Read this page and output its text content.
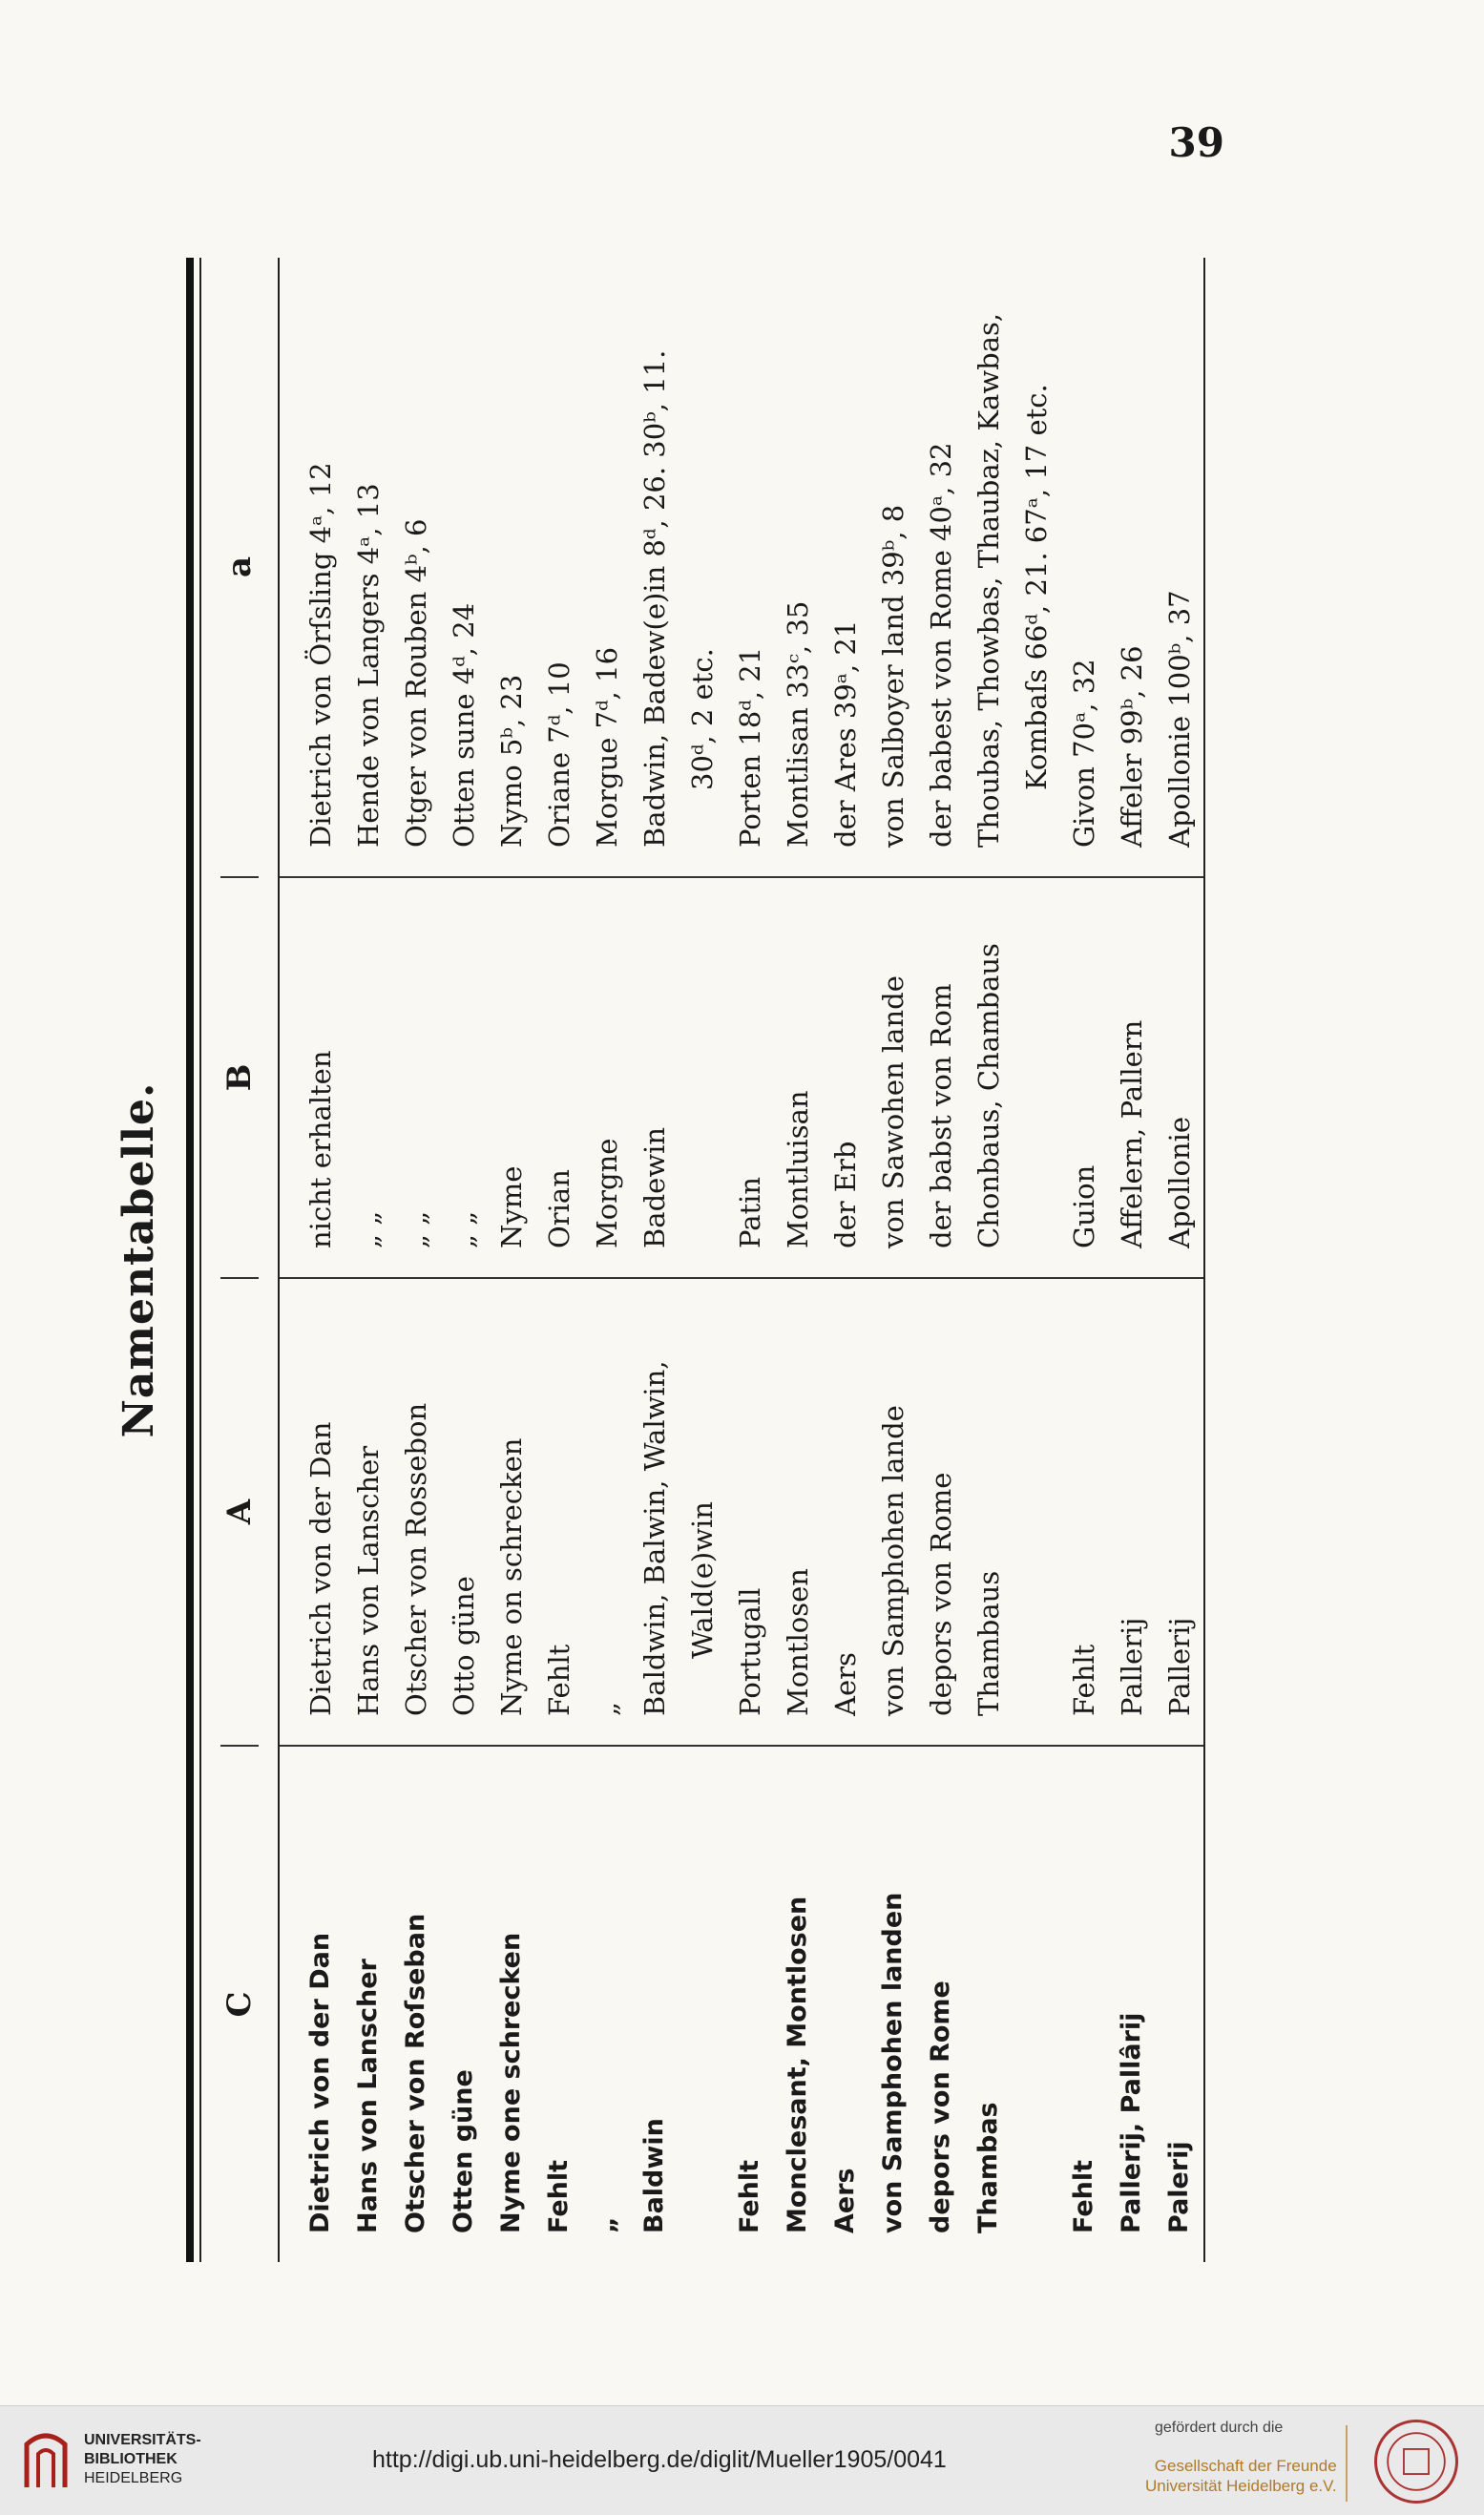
39
Namentabelle.
C
A
B
a
Dietrich von der Dan Hans von Lanscher Otscher von Roſseban Otten güne Nyme one schrecken Fehlt „ Baldwin
	Fehlt Monclesant, Montlosen Aers von Samphohen landen depors von Rome Thambas
	Fehlt Pallerij, Pallârij Palerij
Dietrich von der Dan Hans von Lanscher Otscher von Rossebon Otto güne Nyme on schrecken Fehlt „ Baldwin, Balwin, Walwin, Wald(e)win Portugall Montlosen Aers von Samphohen lande depors von Rome Thambaus
Fehlt Pallerij Pallerij
nicht erhalten „ „ „ „ „ „ Nyme Orian Morgne Badewin
Patin Montluisan der Erb von Sawohen lande der babst von Rom Chonbaus, Chambaus
Guion Affelern, Pallern Apollonie
Dietrich von Örſsling 4ᵃ, 12 Hende von Langers 4ᵃ, 13 Otger von Rouben 4ᵇ, 6 Otten sune 4ᵈ, 24 Nymo 5ᵇ, 23 Oriane 7ᵈ, 10 Morgue 7ᵈ, 16 Badwin, Badew(e)in 8ᵈ, 26. 30ᵇ, 11. 30ᵈ, 2 etc. Porten 18ᵈ, 21 Montlisan 33ᶜ, 35 der Ares 39ᵃ, 21 von Salboyer land 39ᵇ, 8 der babest von Rome 40ᵃ, 32 Thoubas, Thowbas, Thaubaz, Kawbas, Kombaſs 66ᵈ, 21. 67ᵃ, 17 etc. Givon 70ᵃ, 32 Affeler 99ᵇ, 26 Apollonie 100ᵇ, 37
UNIVERSITÄTS-
BIBLIOTHEK
HEIDELBERG
http://digi.ub.uni-heidelberg.de/diglit/Mueller1905/0041
gefördert durch die
Gesellschaft der Freunde
Universität Heidelberg e.V.
